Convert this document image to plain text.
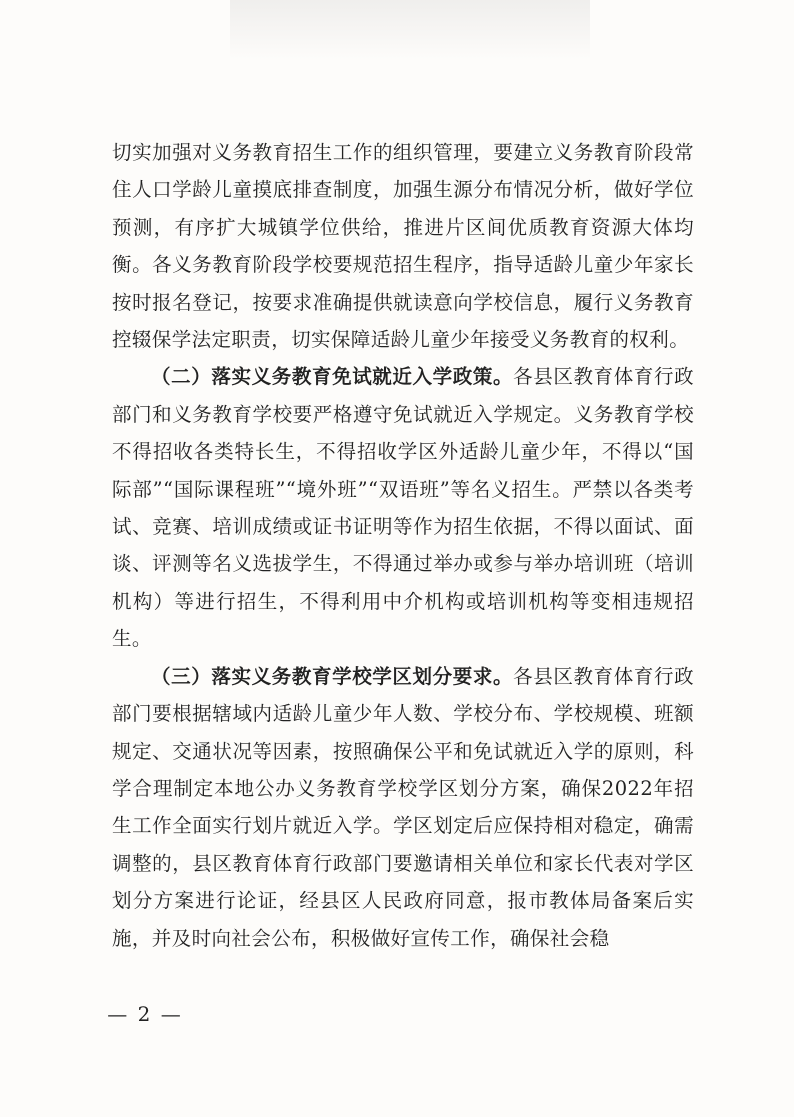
切实加强对义务教育招生工作的组织管理，要建立义务教育阶段常住人口学龄儿童摸底排查制度，加强生源分布情况分析，做好学位预测，有序扩大城镇学位供给，推进片区间优质教育资源大体均衡。各义务教育阶段学校要规范招生程序，指导适龄儿童少年家长按时报名登记，按要求准确提供就读意向学校信息，履行义务教育控辍保学法定职责，切实保障适龄儿童少年接受义务教育的权利。

（二）落实义务教育免试就近入学政策。各县区教育体育行政部门和义务教育学校要严格遵守免试就近入学规定。义务教育学校不得招收各类特长生，不得招收学区外适龄儿童少年，不得以“国际部”“国际课程班”“境外班”“双语班”等名义招生。严禁以各类考试、竞赛、培训成绩或证书证明等作为招生依据，不得以面试、面谈、评测等名义选拔学生，不得通过举办或参与举办培训班（培训机构）等进行招生，不得利用中介机构或培训机构等变相违规招生。

（三）落实义务教育学校学区划分要求。各县区教育体育行政部门要根据辖域内适龄儿童少年人数、学校分布、学校规模、班额规定、交通状况等因素，按照确保公平和免试就近入学的原则，科学合理制定本地公办义务教育学校学区划分方案，确保2022年招生工作全面实行划片就近入学。学区划定后应保持相对稳定，确需调整的，县区教育体育行政部门要邀请相关单位和家长代表对学区划分方案进行论证，经县区人民政府同意，报市教体局备案后实施，并及时向社会公布，积极做好宣传工作，确保社会稳

— 2 —
